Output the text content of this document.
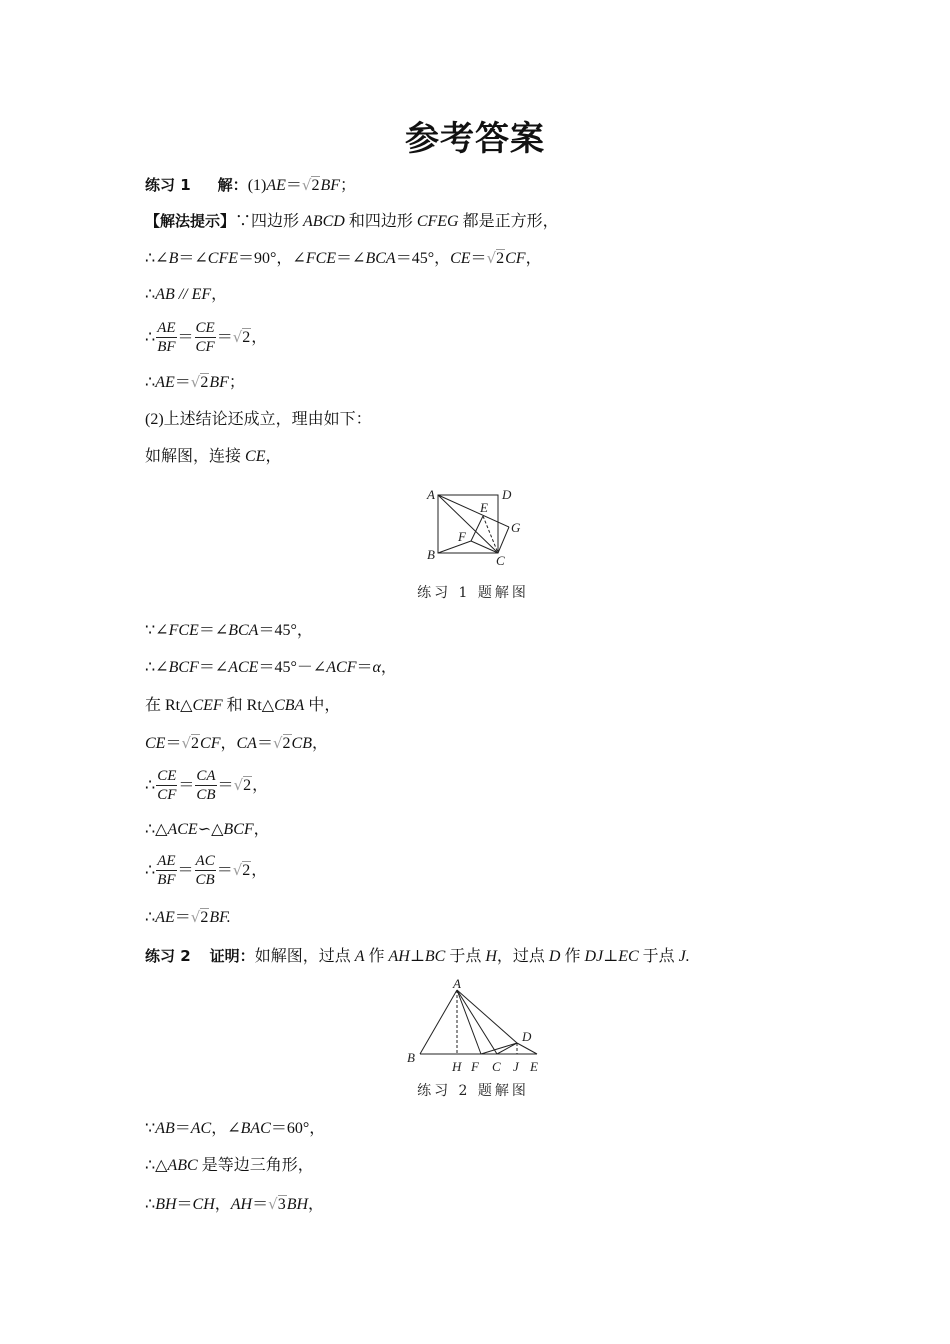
参考答案
练习 1 解：(1)AE＝√2BF；
【解法提示】∵四边形 ABCD 和四边形 CFEG 都是正方形，
∴∠B＝∠CFE＝90°，∠FCE＝∠BCA＝45°，CE＝√2CF，
∴AB // EF，
∴ $\frac{AE}{BF} = \frac{CE}{CF} =√2$，
∴AE＝√2BF；
(2)上述结论还成立，理由如下：
如解图，连接 CE，
A	D
B	C
E
G
F
练习 1 题解图
∵∠FCE＝∠BCA＝45°，
∴∠BCF＝∠ACE＝45°－∠ACF＝α，
在 Rt△CEF 和 Rt△CBA 中，
CE＝√2CF，CA＝√2CB，
∴ $\frac{CE}{CF} = \frac{CA}{CB} =√2$，
∴△ACE∽△BCF，
∴ $\frac{AE}{BF} = \frac{AC}{CB} =√2$，
∴AE＝√2BF.
练习 2 证明：如解图，过点 A 作 AH⊥BC 于点 H，过点 D 作 DJ⊥EC 于点 J.
A
B
H F C J E
D
练习 2 题解图
∵AB＝AC，∠BAC＝60°，
∴△ABC 是等边三角形，
∴BH＝CH，AH＝√3BH，
